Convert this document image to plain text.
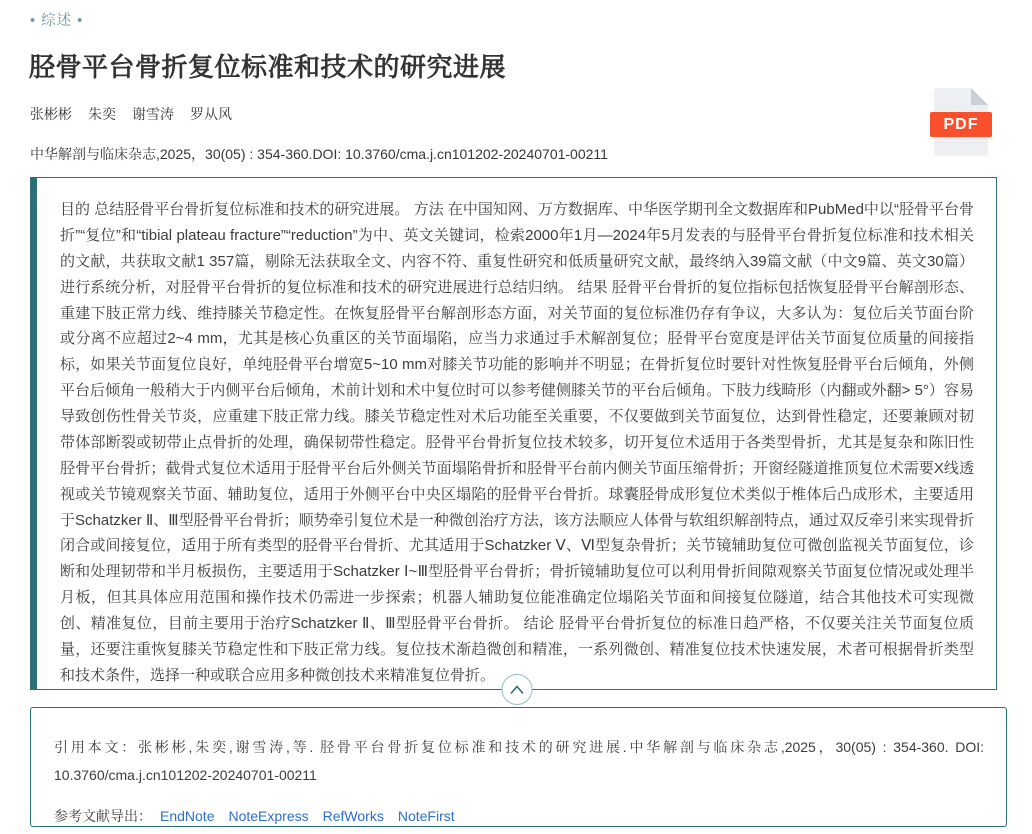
• 综述 •
胫骨平台骨折复位标准和技术的研究进展
张彬彬 朱奕 谢雪涛 罗从风
中华解剖与临床杂志,2025，30(05) : 354-360.DOI: 10.3760/cma.j.cn101202-20240701-00211
PDF

目的 总结胫骨平台骨折复位标准和技术的研究进展。 方法 在中国知网、万方数据库、中华医学期刊全文数据库和PubMed中以“胫骨平台骨折”“复位”和“tibial plateau fracture”“reduction”为中、英文关键词，检索2000年1月—2024年5月发表的与胫骨平台骨折复位标准和技术相关的文献，共获取文献1 357篇，剔除无法获取全文、内容不符、重复性研究和低质量研究文献，最终纳入39篇文献（中文9篇、英文30篇）进行系统分析，对胫骨平台骨折的复位标准和技术的研究进展进行总结归纳。 结果 胫骨平台骨折的复位指标包括恢复胫骨平台解剖形态、重建下肢正常力线、维持膝关节稳定性。在恢复胫骨平台解剖形态方面，对关节面的复位标准仍存有争议，大多认为：复位后关节面台阶或分离不应超过2~4 mm，尤其是核心负重区的关节面塌陷，应当力求通过手术解剖复位；胫骨平台宽度是评估关节面复位质量的间接指标，如果关节面复位良好，单纯胫骨平台增宽5~10 mm对膝关节功能的影响并不明显；在骨折复位时要针对性恢复胫骨平台后倾角，外侧平台后倾角一般稍大于内侧平台后倾角，术前计划和术中复位时可以参考健侧膝关节的平台后倾角。下肢力线畸形（内翻或外翻> 5°）容易导致创伤性骨关节炎，应重建下肢正常力线。膝关节稳定性对术后功能至关重要，不仅要做到关节面复位，达到骨性稳定，还要兼顾对韧带体部断裂或韧带止点骨折的处理，确保韧带性稳定。胫骨平台骨折复位技术较多，切开复位术适用于各类型骨折，尤其是复杂和陈旧性胫骨平台骨折；截骨式复位术适用于胫骨平台后外侧关节面塌陷骨折和胫骨平台前内侧关节面压缩骨折；开窗经隧道推顶复位术需要X线透视或关节镜观察关节面、辅助复位，适用于外侧平台中央区塌陷的胫骨平台骨折。球囊胫骨成形复位术类似于椎体后凸成形术，主要适用于Schatzker Ⅱ、Ⅲ型胫骨平台骨折；顺势牵引复位术是一种微创治疗方法，该方法顺应人体骨与软组织解剖特点，通过双反牵引来实现骨折闭合或间接复位，适用于所有类型的胫骨平台骨折、尤其适用于Schatzker Ⅴ、Ⅵ型复杂骨折；关节镜辅助复位可微创监视关节面复位，诊断和处理韧带和半月板损伤，主要适用于Schatzker Ⅰ~Ⅲ型胫骨平台骨折；骨折镜辅助复位可以利用骨折间隙观察关节面复位情况或处理半月板，但其具体应用范围和操作技术仍需进一步探索；机器人辅助复位能准确定位塌陷关节面和间接复位隧道，结合其他技术可实现微创、精准复位，目前主要用于治疗Schatzker Ⅱ、Ⅲ型胫骨平台骨折。 结论 胫骨平台骨折复位的标准日趋严格，不仅要关注关节面复位质量，还要注重恢复膝关节稳定性和下肢正常力线。复位技术渐趋微创和精准，一系列微创、精准复位技术快速发展，术者可根据骨折类型和技术条件，选择一种或联合应用多种微创技术来精准复位骨折。

引用本文：张彬彬,朱奕,谢雪涛,等. 胫骨平台骨折复位标准和技术的研究进展.中华解剖与临床杂志,2025，30(05) : 354-360. DOI: 10.3760/cma.j.cn101202-20240701-00211
参考文献导出： EndNote NoteExpress RefWorks NoteFirst
